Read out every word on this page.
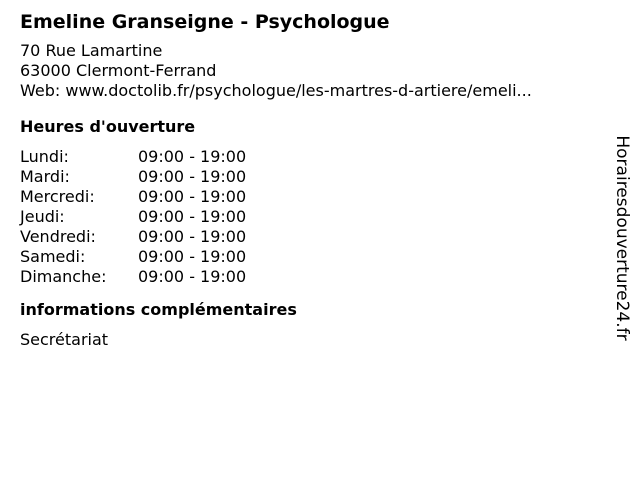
Emeline Granseigne - Psychologue
70 Rue Lamartine
63000 Clermont-Ferrand
Web: www.doctolib.fr/psychologue/les-martres-d-artiere/emeli...
Heures d'ouverture
Lundi:	09:00 - 19:00
Mardi:	09:00 - 19:00
Mercredi:	09:00 - 19:00
Jeudi:	09:00 - 19:00
Vendredi:	09:00 - 19:00
Samedi:	09:00 - 19:00
Dimanche:	09:00 - 19:00
informations complémentaires
Secrétariat	Horairesdouverture24.fr
